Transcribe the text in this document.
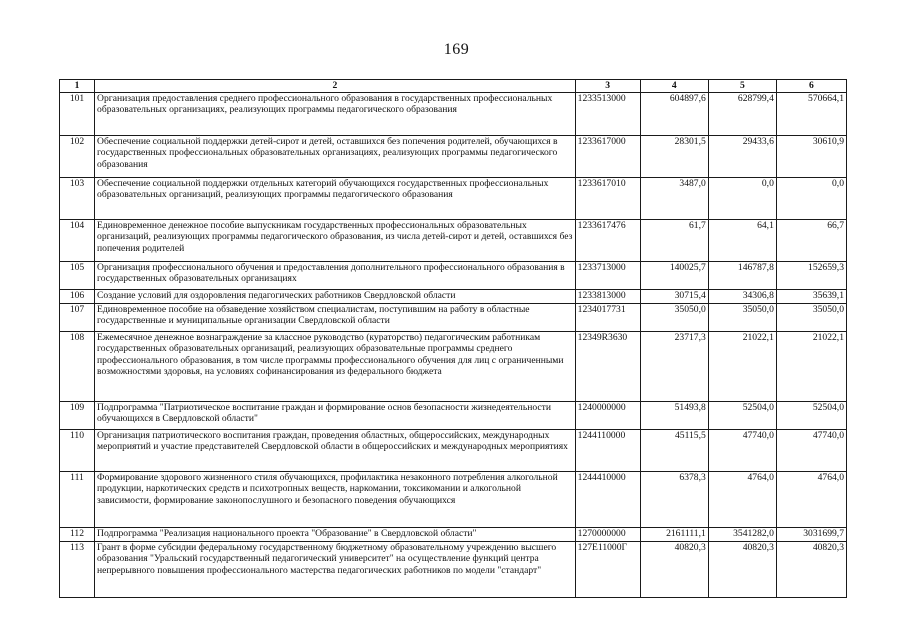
169
1	2	3	4	5	6
101	Организация предоставления среднего профессионального образования в государственных профессиональных образовательных организациях, реализующих программы педагогического образования	1233513000	604897,6	628799,4	570664,1
102	Обеспечение социальной поддержки детей-сирот и детей, оставшихся без попечения родителей, обучающихся в государственных профессиональных образовательных организациях, реализующих программы педагогического образования	1233617000	28301,5	29433,6	30610,9
103	Обеспечение социальной поддержки отдельных категорий обучающихся государственных профессиональных образовательных организаций, реализующих программы педагогического образования	1233617010	3487,0	0,0	0,0
104	Единовременное денежное пособие выпускникам государственных профессиональных образовательных организаций, реализующих программы педагогического образования, из числа детей-сирот и детей, оставшихся без попечения родителей	1233617476	61,7	64,1	66,7
105	Организация профессионального обучения и предоставления дополнительного профессионального образования в государственных образовательных организациях	1233713000	140025,7	146787,8	152659,3
106	Создание условий для оздоровления педагогических работников Свердловской области	1233813000	30715,4	34306,8	35639,1
107	Единовременное пособие на обзаведение хозяйством специалистам, поступившим на работу в областные государственные и муниципальные организации Свердловской области	1234017731	35050,0	35050,0	35050,0
108	Ежемесячное денежное вознаграждение за классное руководство (кураторство) педагогическим работникам государственных образовательных организаций, реализующих образовательные программы среднего профессионального образования, в том числе программы профессионального обучения для лиц с ограниченными возможностями здоровья, на условиях софинансирования из федерального бюджета	12349R3630	23717,3	21022,1	21022,1
109	Подпрограмма "Патриотическое воспитание граждан и формирование основ безопасности жизнедеятельности обучающихся в Свердловской области"	1240000000	51493,8	52504,0	52504,0
110	Организация патриотического воспитания граждан, проведения областных, общероссийских, международных мероприятий и участие представителей Свердловской области в общероссийских и международных мероприятиях	1244110000	45115,5	47740,0	47740,0
111	Формирование здорового жизненного стиля обучающихся, профилактика незаконного потребления алкогольной продукции, наркотических средств и психотропных веществ, наркомании, токсикомании и алкогольной зависимости, формирование законопослушного и безопасного поведения обучающихся	1244410000	6378,3	4764,0	4764,0
112	Подпрограмма "Реализация национального проекта "Образование" в Свердловской области"	1270000000	2161111,1	3541282,0	3031699,7
113	Грант в форме субсидии федеральному государственному бюджетному образовательному учреждению высшего образования "Уральский государственный педагогический университет" на осуществление функций центра непрерывного повышения профессионального мастерства педагогических работников по модели "стандарт"	127E11000Г	40820,3	40820,3	40820,3
